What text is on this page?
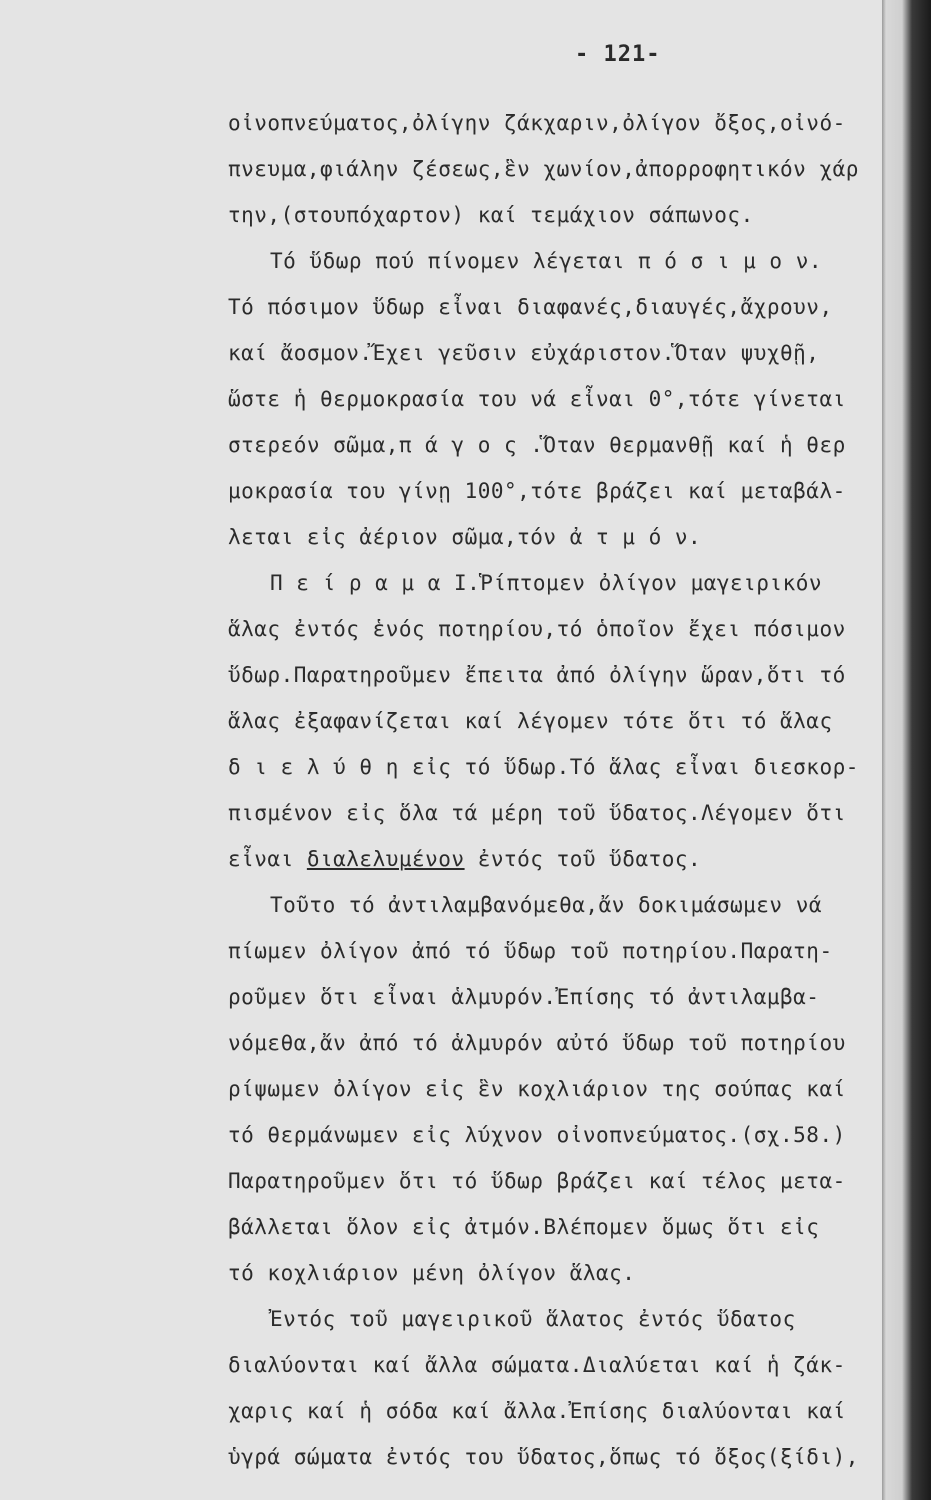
- 121-
οἰνοπνεύματος,ὀλίγην ζάκχαριν,ὀλίγον ὄξος,οἰνό-
πνευμα,φιάλην ζέσεως,ἓν χωνίον,ἀπορροφητικόν χάρ
την,(στουπόχαρτον) καί τεμάχιον σάπωνος.
Τό ὕδωρ πού πίνομεν λέγεται π ό σ ι μ ο ν.
Τό πόσιμον ὕδωρ εἶναι διαφανές,διαυγές,ἄχρουν,
καί ἄοσμον.Ἔχει γεῦσιν εὐχάριστον.Ὅταν ψυχθῇ,
ὥστε ἡ θερμοκρασία του νά εἶναι 0°,τότε γίνεται
στερεόν σῶμα,π ά γ ο ς .Ὅταν θερμανθῇ καί ἡ θερ
μοκρασία του γίνῃ 100°,τότε βράζει καί μεταβάλ-
λεται εἰς ἀέριον σῶμα,τόν ἀ τ μ ό ν.
Π ε ί ρ α μ α I.Ῥίπτομεν ὀλίγον μαγειρικόν
ἅλας ἐντός ἑνός ποτηρίου,τό ὁποῖον ἔχει πόσιμον
ὕδωρ.Παρατηροῦμεν ἔπειτα ἀπό ὀλίγην ὥραν,ὅτι τό
ἅλας ἐξαφανίζεται καί λέγομεν τότε ὅτι τό ἅλας
δ ι ε λ ύ θ η εἰς τό ὕδωρ.Τό ἅλας εἶναι διεσκορ-
πισμένον εἰς ὅλα τά μέρη τοῦ ὕδατος.Λέγομεν ὅτι
εἶναι διαλελυμένον ἐντός τοῦ ὕδατος.
Τοῦτο τό ἀντιλαμβανόμεθα,ἄν δοκιμάσωμεν νά
πίωμεν ὀλίγον ἀπό τό ὕδωρ τοῦ ποτηρίου.Παρατη-
ροῦμεν ὅτι εἶναι ἁλμυρόν.Ἐπίσης τό ἀντιλαμβα-
νόμεθα,ἄν ἀπό τό ἁλμυρόν αὐτό ὕδωρ τοῦ ποτηρίου
ρίψωμεν ὀλίγον εἰς ἓν κοχλιάριον της σούπας καί
τό θερμάνωμεν εἰς λύχνον οἰνοπνεύματος.(σχ.58.)
Παρατηροῦμεν ὅτι τό ὕδωρ βράζει καί τέλος μετα-
βάλλεται ὅλον εἰς ἀτμόν.Βλέπομεν ὅμως ὅτι εἰς
τό κοχλιάριον μένη ὀλίγον ἅλας.
Ἐντός τοῦ μαγειρικοῦ ἅλατος ἐντός ὕδατος
διαλύονται καί ἄλλα σώματα.Διαλύεται καί ἡ ζάκ-
χαρις καί ἡ σόδα καί ἄλλα.Ἐπίσης διαλύονται καί
ὑγρά σώματα ἐντός του ὕδατος,ὅπως τό ὄξος(ξίδι),
